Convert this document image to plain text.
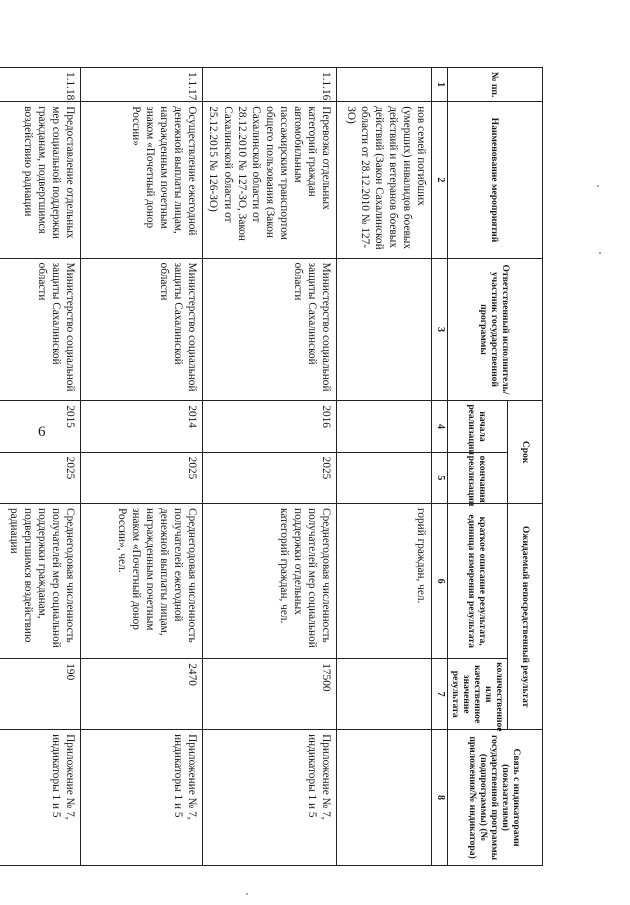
6
№ пп.	Наименование мероприятий	Ответственный исполнитель/участник государственной программы	Срок		Ожидаемый непосредственный результат		Связь с индикаторами (показателями) государственной программы (подпрограммы) (№ приложения/№ индикатора)
			начала реализации	окончания реализации	краткое описание результата, единица измерения результата	количественное или качественное значение результата	
1	2	3	4	5	6	7	8
	нов семей погибших (умерших) инвалидов боевых действий и ветеранов боевых действий (Закон Сахалинской области от 28.12.2010 № 127-ЗО)				горий граждан, чел.		
1.1.16.	Перевозка отдельных категорий граждан автомобильным пассажирским транспортом общего пользования (Закон Сахалинской области от 28.12.2010 № 127-ЗО, Закон Сахалинской области от 25.12.2015 № 126-ЗО)	Министерство социальной защиты Сахалинской области	2016	2025	Среднегодовая численность получателей мер социальной поддержки отдельных категорий граждан, чел.	17500	Приложение № 7, индикаторы 1 и 5
1.1.17.	Осуществление ежегодной денежной выплаты лицам, награжденным почетным знаком «Почетный донор России»	Министерство социальной защиты Сахалинской области	2014	2025	Среднегодовая численность получателей ежегодной денежной выплаты лицам, награжденным почетным знаком «Почетный донор России», чел.	2470	Приложение № 7, индикаторы 1 и 5
1.1.18.	Предоставление отдельных мер социальной поддержки гражданам, подвергшимся воздействию радиации	Министерство социальной защиты Сахалинской области	2015	2025	Среднегодовая численность получателей мер социальной поддержки гражданам, подвергшимся воздействию радиации	190	Приложение № 7, индикаторы 1 и 5
